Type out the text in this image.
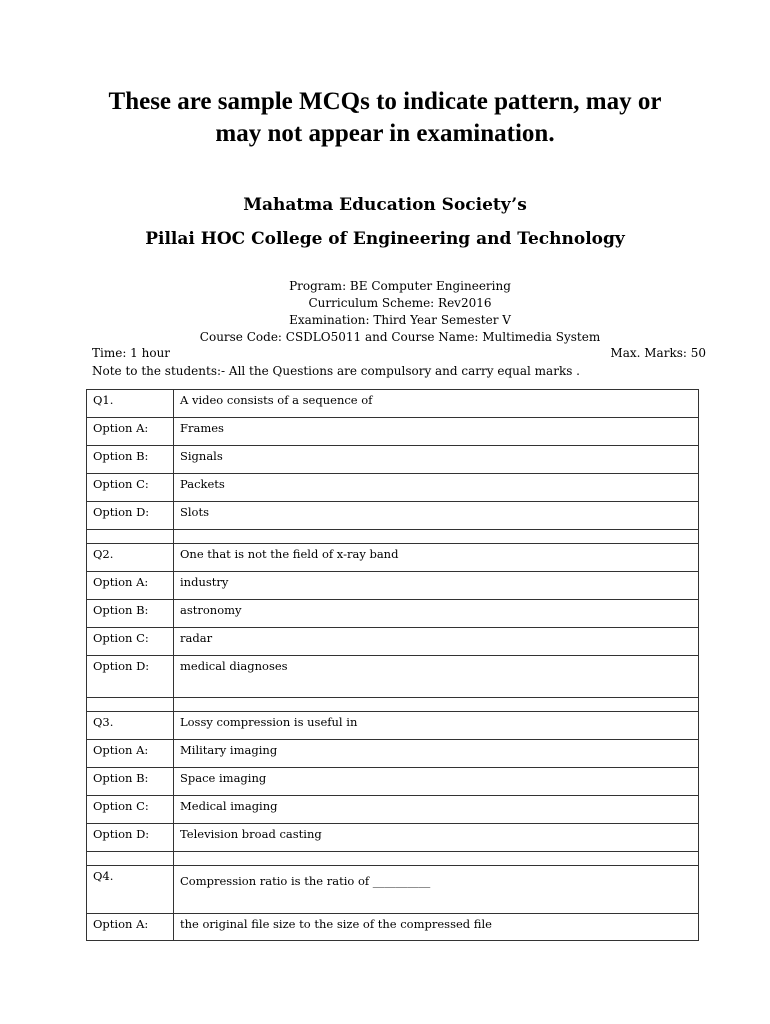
These are sample MCQs to indicate pattern, may or
may not appear in examination.
Mahatma Education Society’s
Pillai HOC College of Engineering and Technology
Program: BE Computer Engineering
Curriculum Scheme: Rev2016
Examination: Third Year Semester V
Course Code: CSDLO5011 and Course Name: Multimedia System
Time: 1 hour	Max. Marks: 50
Note to the students:- All the Questions are compulsory and carry equal marks .
Q1.	A video consists of a sequence of
Option A:	Frames
Option B:	Signals
Option C:	Packets
Option D:	Slots

Q2.	One that is not the field of x-ray band
Option A:	industry
Option B:	astronomy
Option C:	radar
Option D:	medical diagnoses

Q3.	Lossy compression is useful in
Option A:	Military imaging
Option B:	Space imaging
Option C:	Medical imaging
Option D:	Television broad casting

Q4.	Compression ratio is the ratio of __________
Option A:	the original file size to the size of the compressed file
